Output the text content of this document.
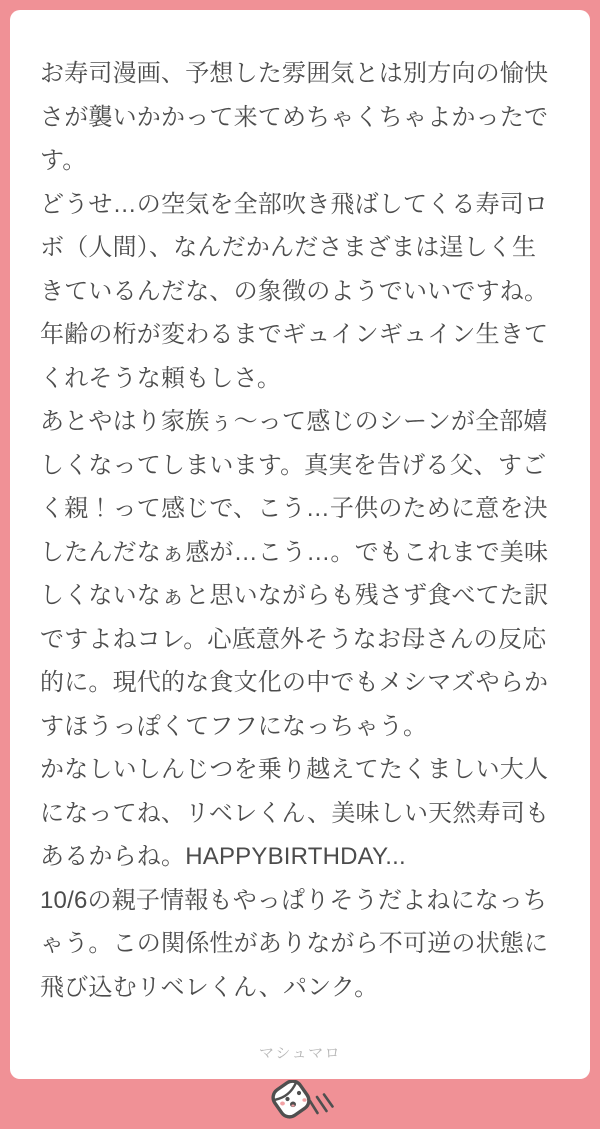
お寿司漫画、予想した雰囲気とは別方向の愉快さが襲いかかって来てめちゃくちゃよかったです。

どうせ…の空気を全部吹き飛ばしてくる寿司ロボ（人間）、なんだかんださまざまは逞しく生きているんだな、の象徴のようでいいですね。年齢の桁が変わるまでギュインギュイン生きてくれそうな頼もしさ。

あとやはり家族ぅ〜って感じのシーンが全部嬉しくなってしまいます。真実を告げる父、すごく親！って感じで、こう…子供のために意を決したんだなぁ感が…こう…。でもこれまで美味しくないなぁと思いながらも残さず食べてた訳ですよねコレ。心底意外そうなお母さんの反応的に。現代的な食文化の中でもメシマズやらかすほうっぽくてフフになっちゃう。

かなしいしんじつを乗り越えてたくましい大人になってね、リベレくん、美味しい天然寿司もあるからね。HAPPYBIRTHDAY...

10/6の親子情報もやっぱりそうだよねになっちゃう。この関係性がありながら不可逆の状態に飛び込むリベレくん、パンク。

マシュマロ
